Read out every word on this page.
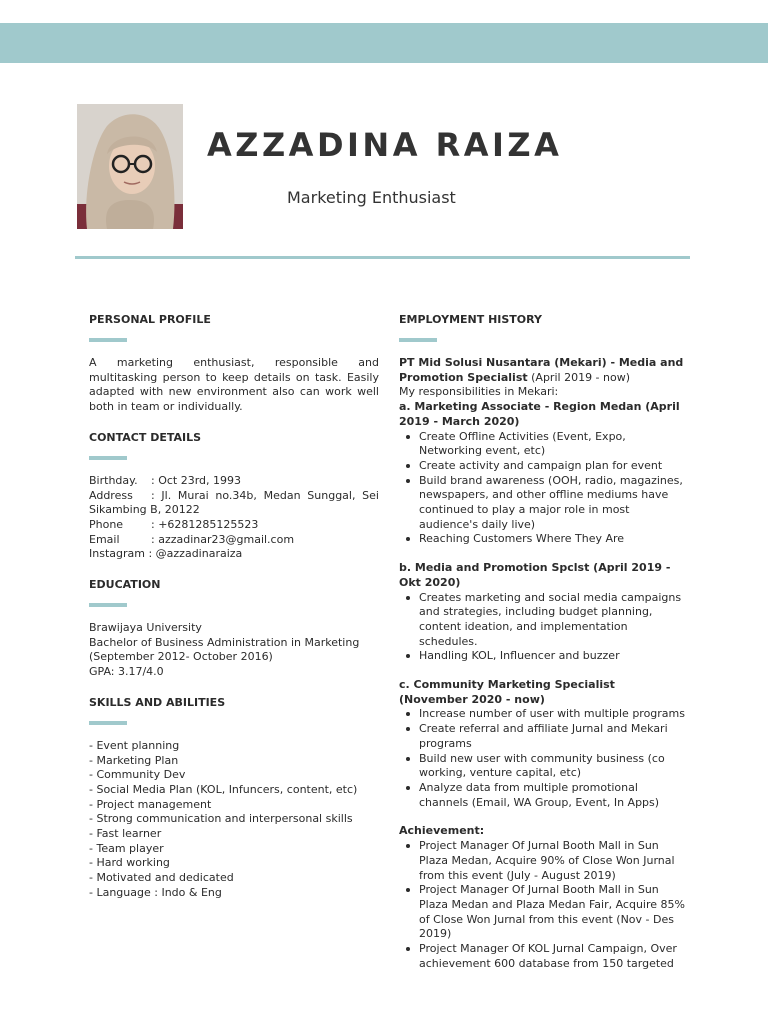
AZZADINA RAIZA
Marketing Enthusiast
PERSONAL PROFILE
A marketing enthusiast, responsible and multitasking person to keep details on task. Easily adapted with new environment also can work well both in team or individually.
CONTACT DETAILS
Birthday. : Oct 23rd, 1993
Address : Jl. Murai no.34b, Medan Sunggal, Sei Sikambing B, 20122
Phone	: +6281285125523
Email	: azzadinar23@gmail.com
Instagram : @azzadinaraiza
EDUCATION
Brawijaya University
Bachelor of Business Administration in Marketing
(September 2012- October 2016)
GPA: 3.17/4.0
SKILLS AND ABILITIES
- Event planning
- Marketing Plan
- Community Dev
- Social Media Plan (KOL, Infuncers, content, etc)
- Project management
- Strong communication and interpersonal skills
- Fast learner
- Team player
- Hard working
- Motivated and dedicated
- Language : Indo & Eng
EMPLOYMENT HISTORY
PT Mid Solusi Nusantara (Mekari) - Media and Promotion Specialist (April 2019 - now)
My responsibilities in Mekari:
a. Marketing Associate - Region Medan (April 2019 - March 2020)
Create Offline Activities (Event, Expo, Networking event, etc)
Create activity and campaign plan for event
Build brand awareness (OOH, radio, magazines, newspapers, and other offline mediums have continued to play a major role in most audience's daily live)
Reaching Customers Where They Are
b. Media and Promotion Spclst (April 2019 - Okt 2020)
Creates marketing and social media campaigns and strategies, including budget planning, content ideation, and implementation schedules.
Handling KOL, Influencer and buzzer
c. Community Marketing Specialist (November 2020 - now)
Increase number of user with multiple programs
Create referral and affiliate Jurnal and Mekari programs
Build new user with community business (co working, venture capital, etc)
Analyze data from multiple promotional channels (Email, WA Group, Event, In Apps)
Achievement:
Project Manager Of Jurnal Booth Mall in Sun Plaza Medan, Acquire 90% of Close Won Jurnal from this event (July - August 2019)
Project Manager Of Jurnal Booth Mall in Sun Plaza Medan and Plaza Medan Fair, Acquire 85% of Close Won Jurnal from this event (Nov - Des 2019)
Project Manager Of KOL Jurnal Campaign, Over achievement 600 database from 150 targeted
